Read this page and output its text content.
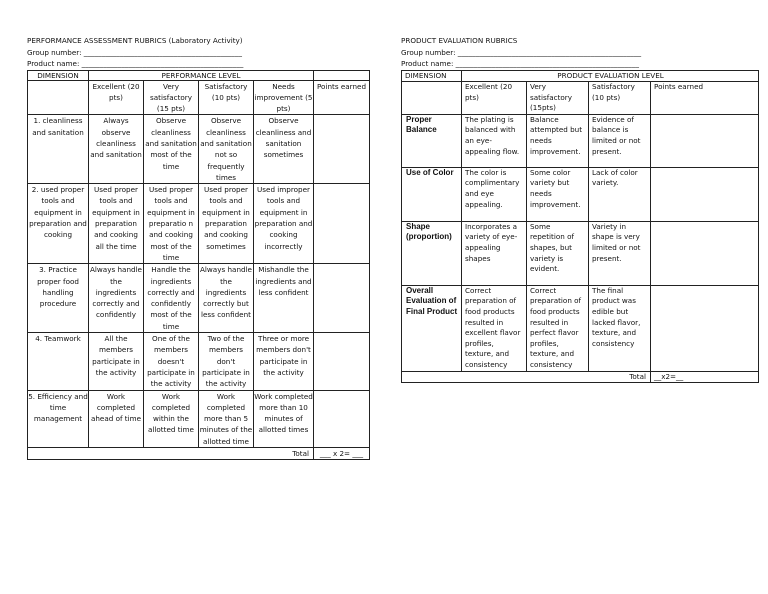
PERFORMANCE ASSESSMENT RUBRICS (Laboratory Activity)
Group number: ____________________________________________
Product name: _____________________________________________
DIMENSION	PERFORMANCE LEVEL				
	Excellent (20 pts)	Very satisfactory (15 pts)	Satisfactory (10 pts)	Needs improvement (5 pts)	Points earned
1. cleanliness and sanitation	Always observe cleanliness and sanitation	Observe cleanliness and sanitation most of the time	Observe cleanliness and sanitation not so frequently times	Observe cleanliness and sanitation sometimes	
2. used proper tools and equipment in preparation and cooking	Used proper tools and equipment in preparation and cooking all the time	Used proper tools and equipment in preparatio n and cooking most of the time	Used proper tools and equipment in preparation and cooking sometimes	Used improper tools and equipment in preparation and cooking incorrectly	
3. Practice proper food handling procedure	Always handle the ingredients correctly and confidently	Handle the ingredients correctly and confidently most of the time	Always handle the ingredients correctly but less confident	Mishandle the ingredients and less confident	
4. Teamwork	All the members participate in the activity	One of the members doesn't participate in the activity	Two of the members don't participate in the activity	Three or more members don't participate in the activity	
5. Efficiency and time management	Work completed ahead of time	Work completed within the allotted time	Work completed more than 5 minutes of the allotted time	Work completed more than 10 minutes of allotted times	
Total					___ x 2= ___
PRODUCT EVALUATION RUBRICS
Group number: ___________________________________________________
Product name: ___________________________________________________
DIMENSION	PRODUCT EVALUATION LEVEL			
	Excellent (20 pts)	Very satisfactory (15pts)	Satisfactory (10 pts)	Points earned
Proper Balance	The plating is balanced with an eye-appealing flow.	Balance attempted but needs improvement.	Evidence of balance is limited or not present.	
Use of Color	The color is complimentary and eye appealing.	Some color variety but needs improvement.	Lack of color variety.	
Shape (proportion)	Incorporates a variety of eye-appealing shapes	Some repetition of shapes, but variety is evident.	Variety in shape is very limited or not present.	
Overall Evaluation of Final Product	Correct preparation of food products resulted in excellent flavor profiles, texture, and consistency	Correct preparation of food products resulted in perfect flavor profiles, texture, and consistency	The final product was edible but lacked flavor, texture, and consistency	
Total				__x2=__
